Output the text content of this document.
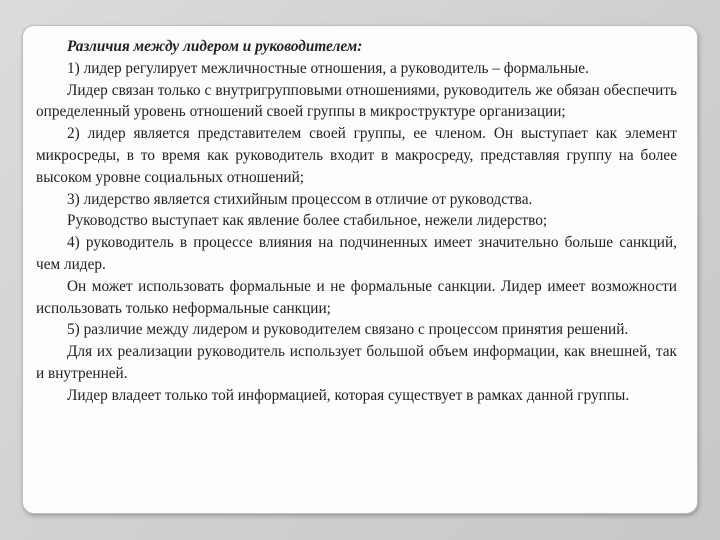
Различия между лидером и руководителем:

1) лидер регулирует межличностные отношения, а руководитель – формальные.

Лидер связан только с внутригрупповыми отношениями, руководитель же обязан обеспечить определенный уровень отношений своей группы в микроструктуре организации;

2) лидер является представителем своей группы, ее членом. Он выступает как элемент микросреды, в то время как руководитель входит в макросреду, представляя группу на более высоком уровне социальных отношений;

3) лидерство является стихийным процессом в отличие от руководства.

Руководство выступает как явление более стабильное, нежели лидерство;

4) руководитель в процессе влияния на подчиненных имеет значительно больше санкций, чем лидер.

Он может использовать формальные и не формальные санкции. Лидер имеет возможности использовать только неформальные санкции;

5) различие между лидером и руководителем связано с процессом принятия решений.

Для их реализации руководитель использует большой объем информации, как внешней, так и внутренней.

Лидер владеет только той информацией, которая существует в рамках данной группы.
